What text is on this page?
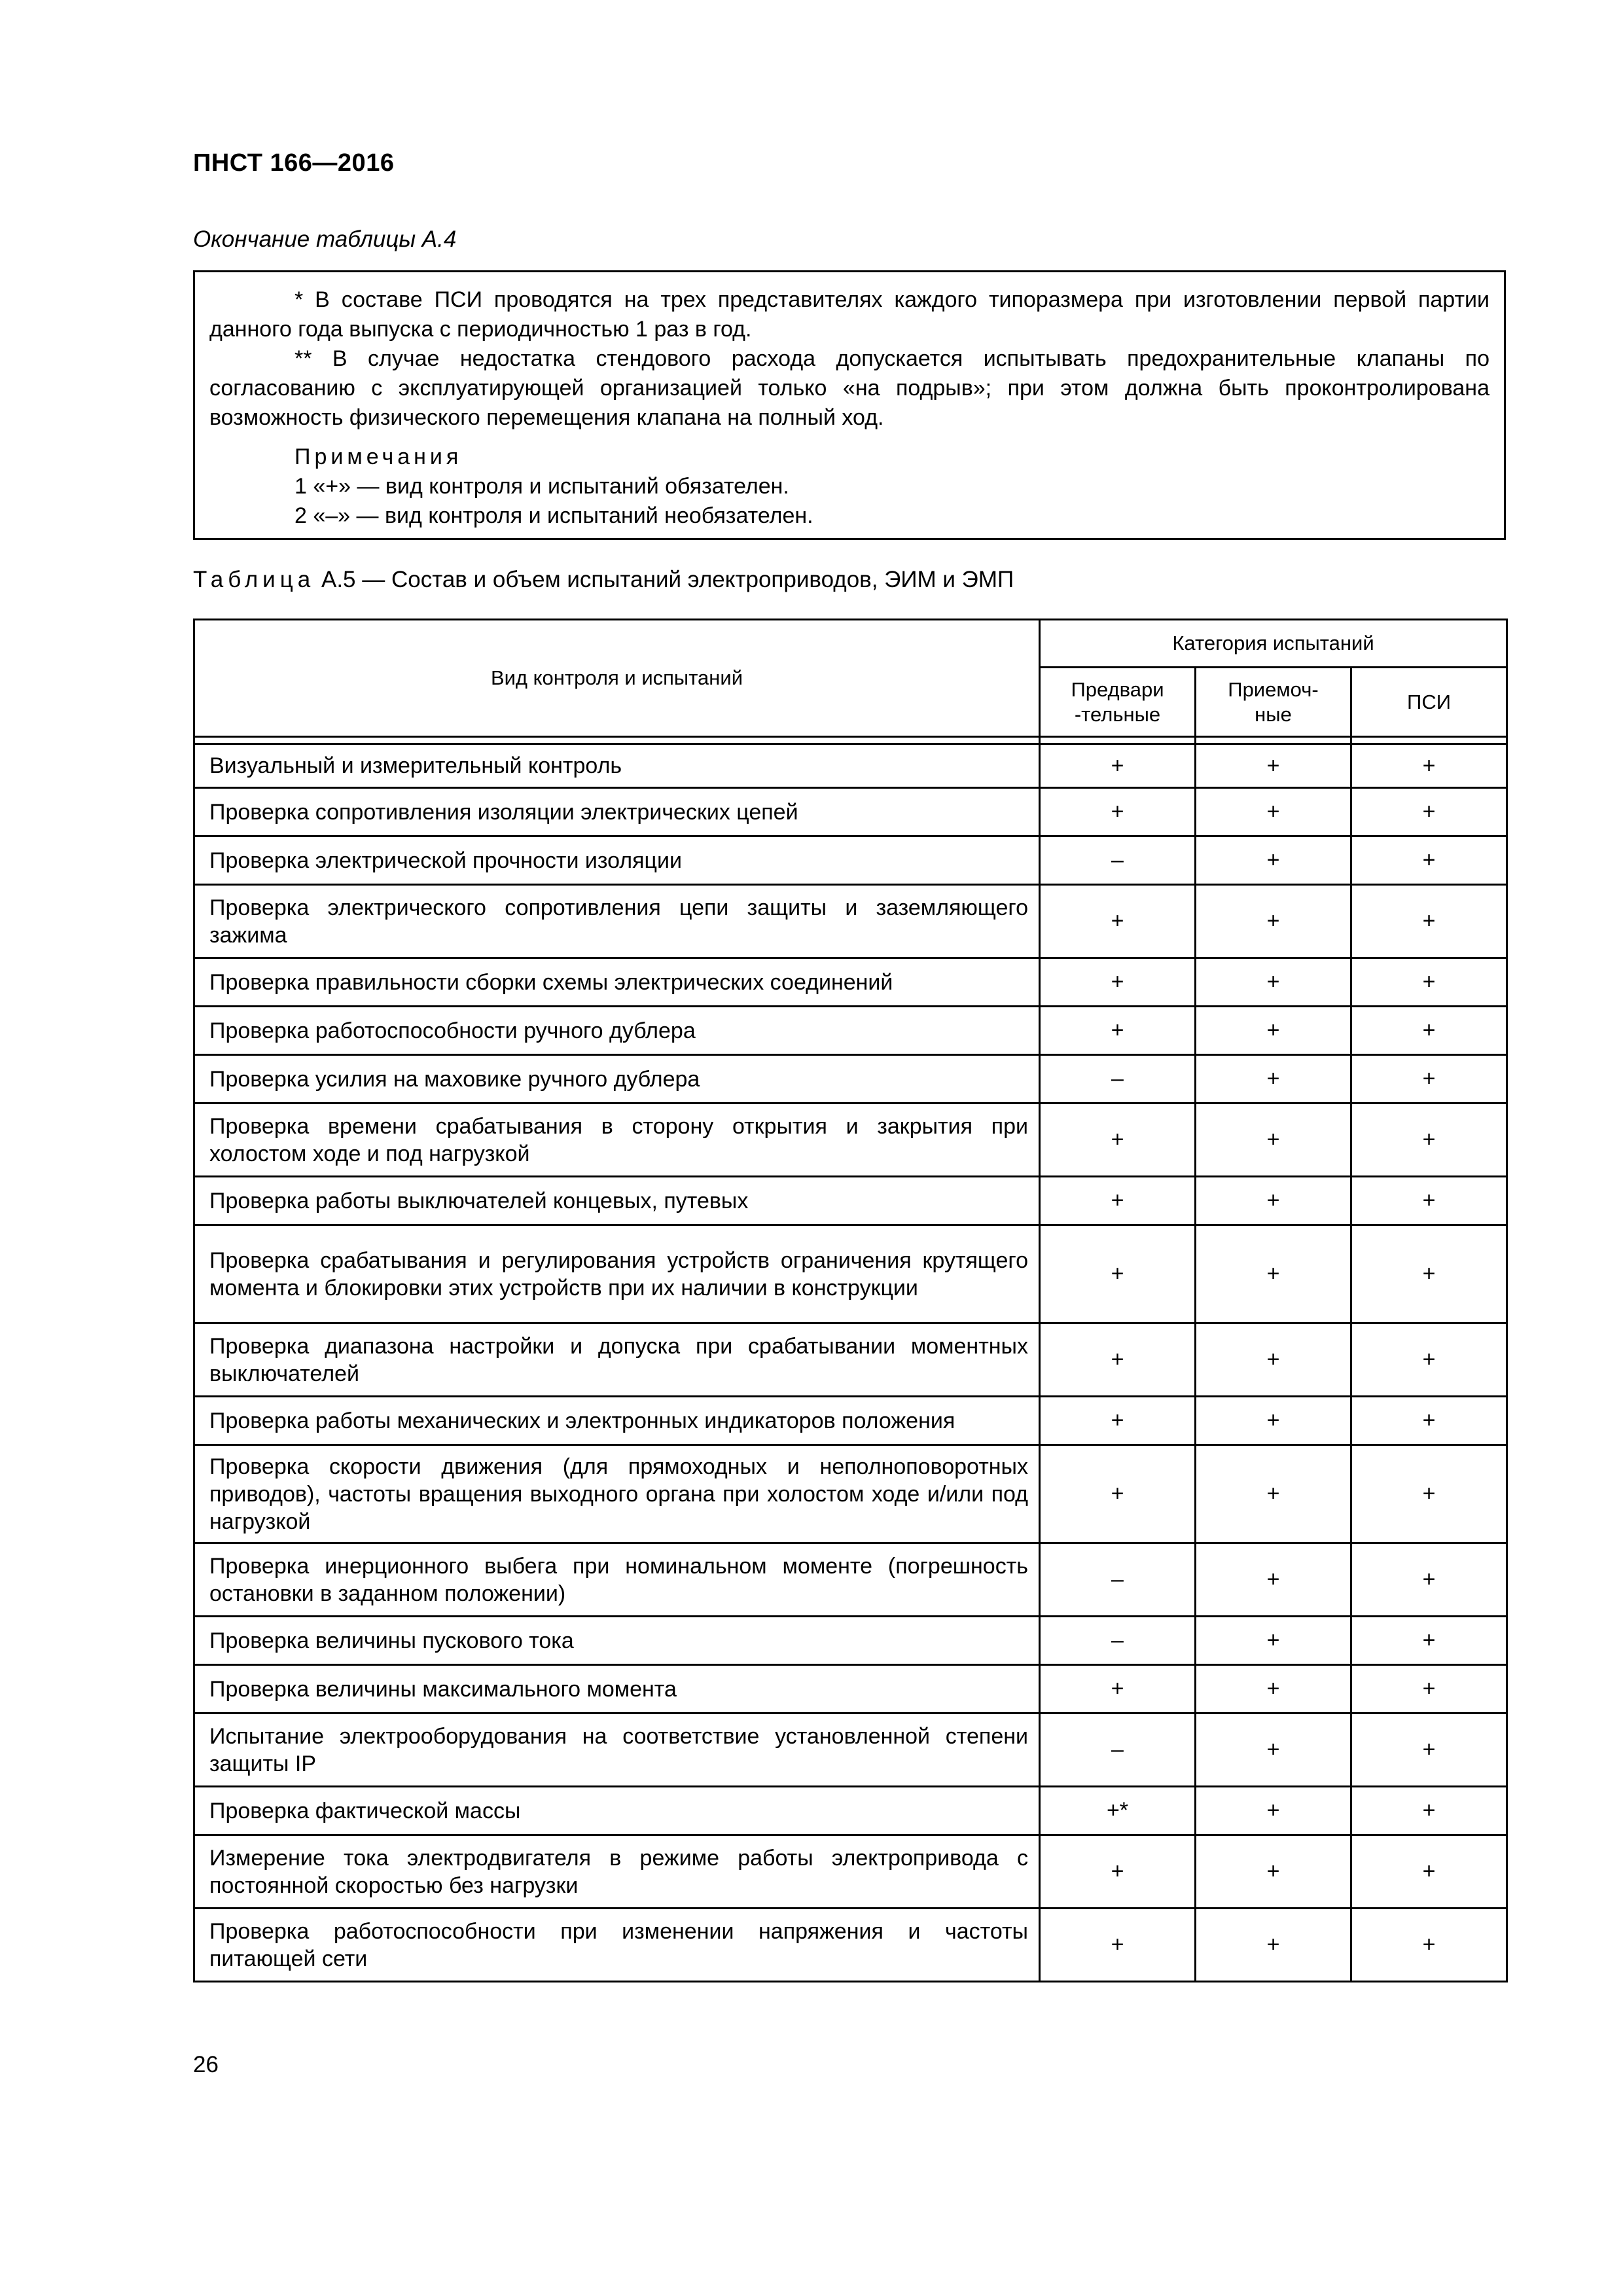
ПНСТ 166—2016
Окончание таблицы А.4

* В составе ПСИ проводятся на трех представителях каждого типоразмера при изготовлении первой партии данного года выпуска с периодичностью 1 раз в год.

** В случае недостатка стендового расхода допускается испытывать предохранительные клапаны по согласованию с эксплуатирующей организацией только «на подрыв»; при этом должна быть проконтролирована возможность физического перемещения клапана на полный ход.

Примечания

1 «+» — вид контроля и испытаний обязателен.

2 «–» — вид контроля и испытаний необязателен.

Таблица А.5 — Состав и объем испытаний электроприводов, ЭИМ и ЭМП
Вид контроля и испытаний	Категория испытаний		
	Предвари-тельные	Приемоч-ные	ПСИ

Визуальный и измерительный контроль	+	+	+
Проверка сопротивления изоляции электрических цепей	+	+	+
Проверка электрической прочности изоляции	–	+	+
Проверка электрического сопротивления цепи защиты и заземляющего зажима	+	+	+
Проверка правильности сборки схемы электрических соединений	+	+	+
Проверка работоспособности ручного дублера	+	+	+
Проверка усилия на маховике ручного дублера	–	+	+
Проверка времени срабатывания в сторону открытия и закрытия при холостом ходе и под нагрузкой	+	+	+
Проверка работы выключателей концевых, путевых	+	+	+
Проверка срабатывания и регулирования устройств ограничения крутящего момента и блокировки этих устройств при их наличии в конструкции	+	+	+
Проверка диапазона настройки и допуска при срабатывании моментных выключателей	+	+	+
Проверка работы механических и электронных индикаторов положения	+	+	+
Проверка скорости движения (для прямоходных и неполноповоротных приводов), частоты вращения выходного органа при холостом ходе и/или под нагрузкой	+	+	+
Проверка инерционного выбега при номинальном моменте (погрешность остановки в заданном положении)	–	+	+
Проверка величины пускового тока	–	+	+
Проверка величины максимального момента	+	+	+
Испытание электрооборудования на соответствие установленной степени защиты IP	–	+	+
Проверка фактической массы	+*	+	+
Измерение тока электродвигателя в режиме работы электропривода с постоянной скоростью без нагрузки	+	+	+
Проверка работоспособности при изменении напряжения и частоты питающей сети	+	+	+
26
